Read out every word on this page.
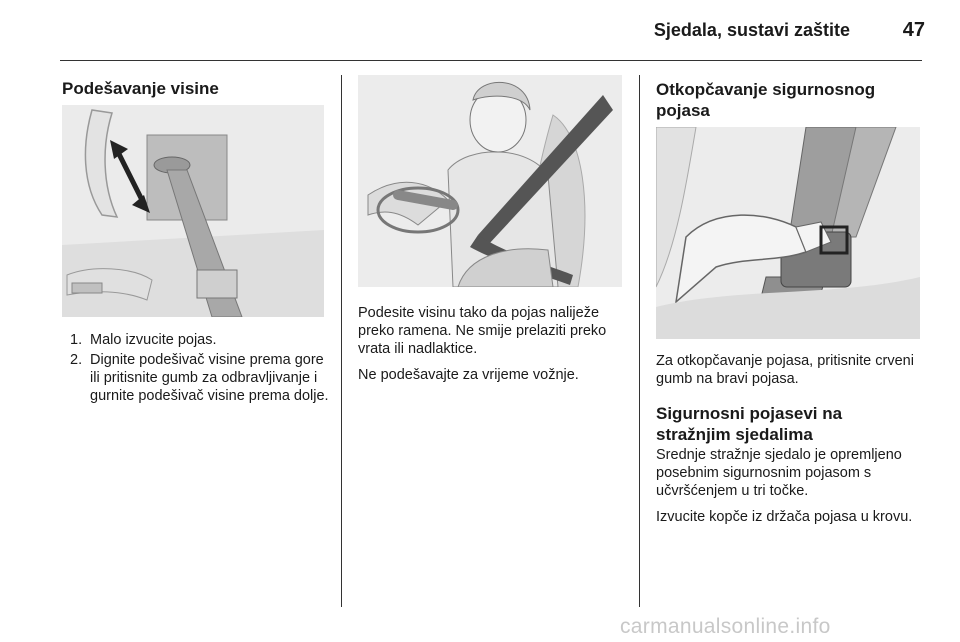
Sjedala, sustavi zaštite	47
Podešavanje visine
1. Malo izvucite pojas.
2. Dignite podešivač visine prema gore ili pritisnite gumb za odbravljivanje i gurnite podešivač visine prema dolje.

Podesite visinu tako da pojas naliježe preko ramena. Ne smije prelaziti preko vrata ili nadlaktice.

Ne podešavajte za vrijeme vožnje.

Otkopčavanje sigurnosnog pojasa

Za otkopčavanje pojasa, pritisnite crveni gumb na bravi pojasa.

Sigurnosni pojasevi na stražnjim sjedalima

Srednje stražnje sjedalo je opremljeno posebnim sigurnosnim pojasom s učvršćenjem u tri točke.

Izvucite kopče iz držača pojasa u krovu.

carmanualsonline.info
